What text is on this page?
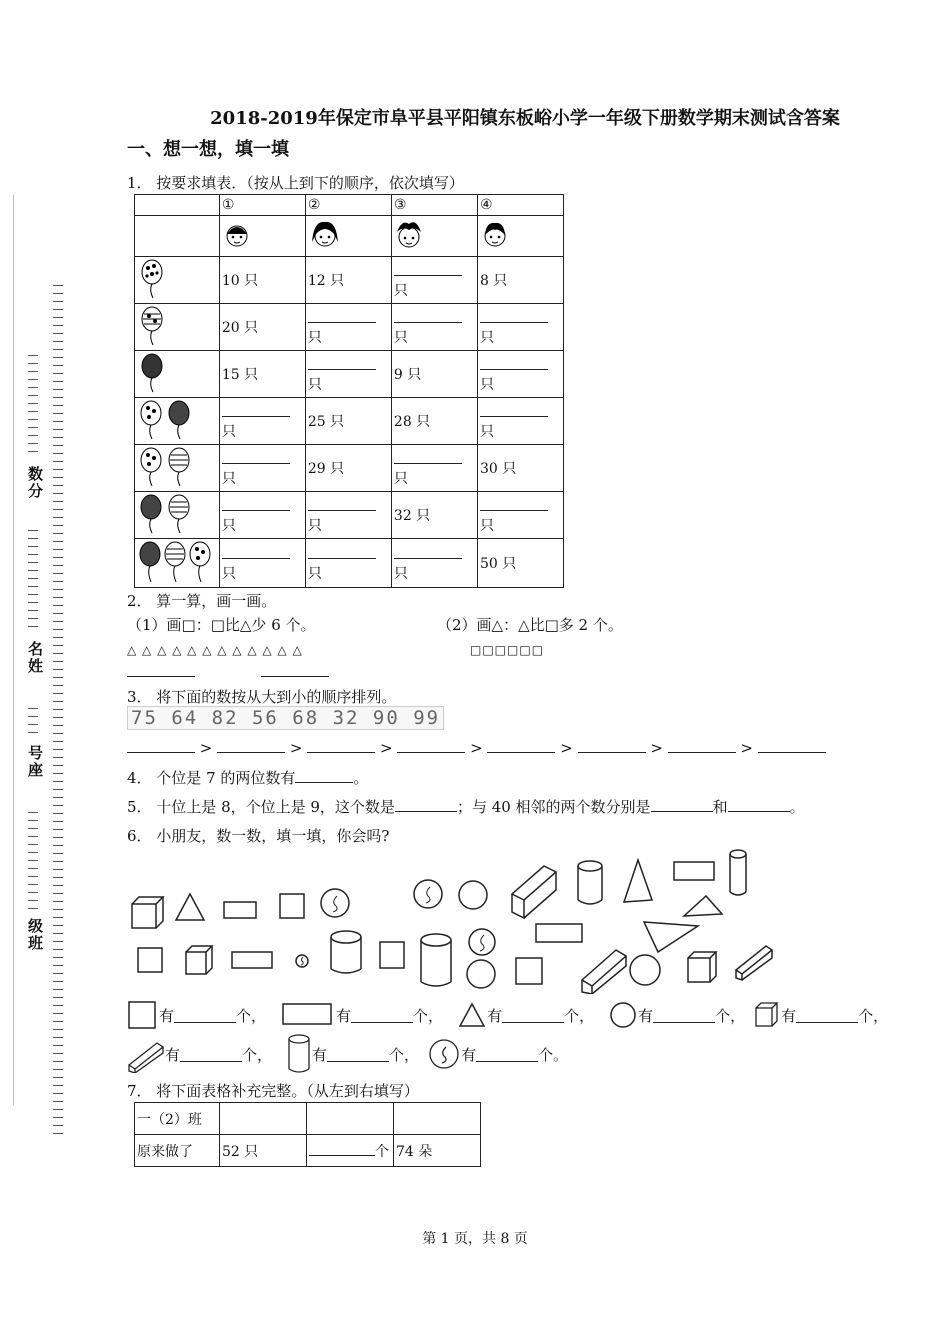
2018-2019年保定市阜平县平阳镇东板峪小学一年级下册数学期末测试含答案
一、想一想，填一填
数分
名姓
号座
级班
1． 按要求填表．（按从上到下的顺序，依次填写）
	①	②	③	④

	10 只	12 只	只	8 只
	20 只	只	只	只
	15 只	只	9 只	只
	只	25 只	28 只	只
	只	29 只	只	30 只
	只	只	32 只	只
	只	只	只	50 只
2． 算一算，画一画。
（1）画□：□比△少 6 个。	（2）画△：△比□多 2 个。
△ △ △ △ △ △ △ △ △ △ △ △	□□□□□□
3． 将下面的数按从大到小的顺序排列。
75 64 82 56 68 32 90 99
>	>	>	>	>	>	>
4． 个位是 7 的两位数有	。
5． 十位上是 8，个位上是 9，这个数是	；与 40 相邻的两个数分别是	和	。
6． 小朋友，数一数，填一填，你会吗?
有	个，	有	个，	有	个，	有	个， 有	个，
有	个，	有	个，	有	个。
7． 将下面表格补充完整。（从左到右填写）
一（2）班			
原来做了	52 只	个	74 朵
第 1 页，共 8 页
